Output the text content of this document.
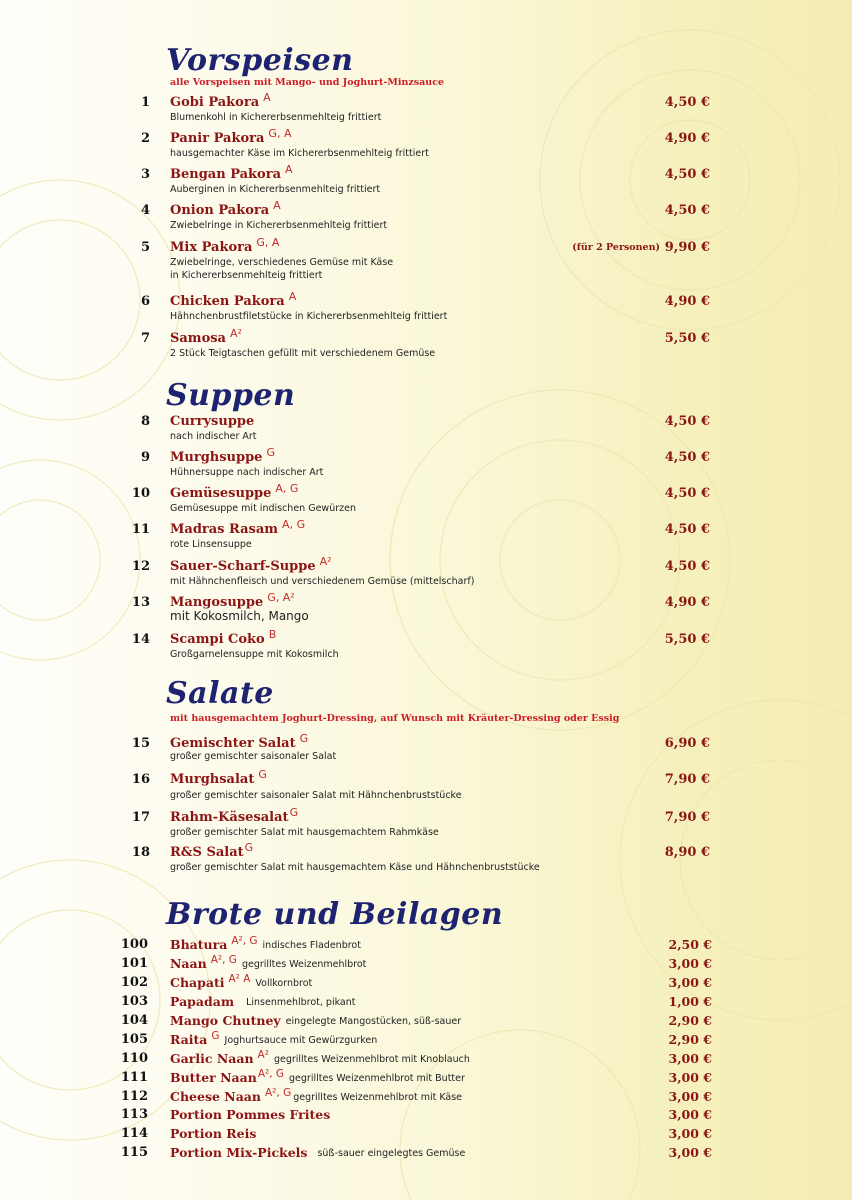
Vorspeisen
alle Vorspeisen mit Mango- und Joghurt-Minzsauce
1 Gobi Pakora $^A$	4,50 €
Blumenkohl in Kichererbsenmehlteig frittiert
2 Panir Pakora $^{G, A}$	4,90 €
hausgemachter Käse im Kichererbsenmehlteig frittiert
3 Bengan Pakora $^A$	4,50 €
Auberginen in Kichererbsenmehlteig frittiert
4 Onion Pakora $^A$	4,50 €
Zwiebelringe in Kichererbsenmehlteig frittiert
5 Mix Pakora $^{G, A}$	(für 2 Personen) 9,90 €
Zwiebelringe, verschiedenes Gemüse mit Käse
in Kichererbsenmehlteig frittiert
6 Chicken Pakora $^A$	4,90 €
Hähnchenbrustfiletstücke in Kichererbsenmehlteig frittiert
7 Samosa $^{A^2}$	5,50 €
2 Stück Teigtaschen gefüllt mit verschiedenem Gemüse
Suppen
8 Currysuppe	4,50 €
nach indischer Art
9 Murghsuppe $^G$	4,50 €
Hühnersuppe nach indischer Art
10 Gemüsesuppe $^{A, G}$	4,50 €
Gemüsesuppe mit indischen Gewürzen
11 Madras Rasam $^{A, G}$	4,50 €
rote Linsensuppe
12 Sauer-Scharf-Suppe $^{A^2}$	4,50 €
mit Hähnchenfleisch und verschiedenem Gemüse (mittelscharf)
13 Mangosuppe $^{G, A^2}$	4,90 €
mit Kokosmilch, Mango
14 Scampi Coko $^B$	5,50 €
Großgarnelensuppe mit Kokosmilch
Salate
mit hausgemachtem Joghurt-Dressing, auf Wunsch mit Kräuter-Dressing oder Essig
15 Gemischter Salat $^G$	6,90 €
großer gemischter saisonaler Salat
16 Murghsalat $^G$	7,90 €
großer gemischter saisonaler Salat mit Hähnchenbruststücke
17 Rahm-Käsesalat$^G$	7,90 €
großer gemischter Salat mit hausgemachtem Rahmkäse
18 R&S Salat$^G$	8,90 €
großer gemischter Salat mit hausgemachtem Käse und Hähnchenbruststücke
Brote und Beilagen
100 Bhatura $^{A^2, G}$ indisches Fladenbrot	2,50 €
101 Naan $^{A^2, G}$ gegrilltes Weizenmehlbrot	3,00 €
102 Chapati $^{A^2 A}$ Vollkornbrot	3,00 €
103 Papadam Linsenmehlbrot, pikant	1,00 €
104 Mango Chutney eingelegte Mangostücken, süß-sauer	2,90 €
105 Raita $^G$ Joghurtsauce mit Gewürzgurken	2,90 €
110 Garlic Naan $^{A^2}$ gegrilltes Weizenmehlbrot mit Knoblauch	3,00 €
111 Butter Naan$^{A^2, G}$ gegrilltes Weizenmehlbrot mit Butter	3,00 €
112 Cheese Naan $^{A^2, G}$ gegrilltes Weizenmehlbrot mit Käse	3,00 €
113 Portion Pommes Frites	3,00 €
114 Portion Reis	3,00 €
115 Portion Mix-Pickels süß-sauer eingelegtes Gemüse	3,00 €
